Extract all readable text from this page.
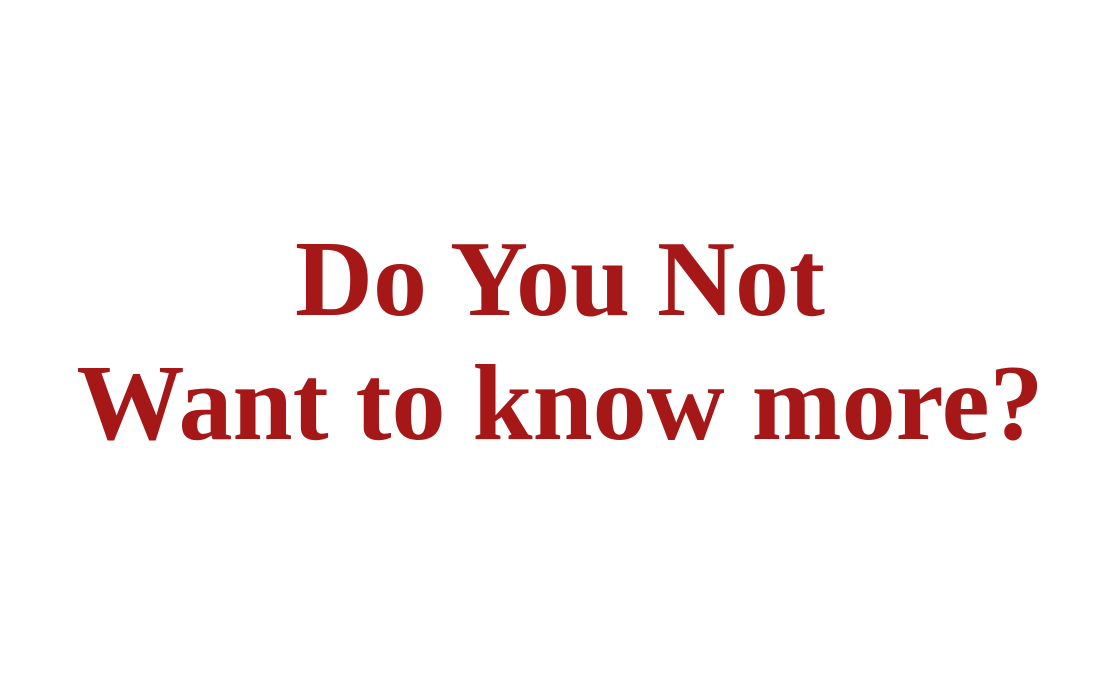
Do You Not
Want to know more?
